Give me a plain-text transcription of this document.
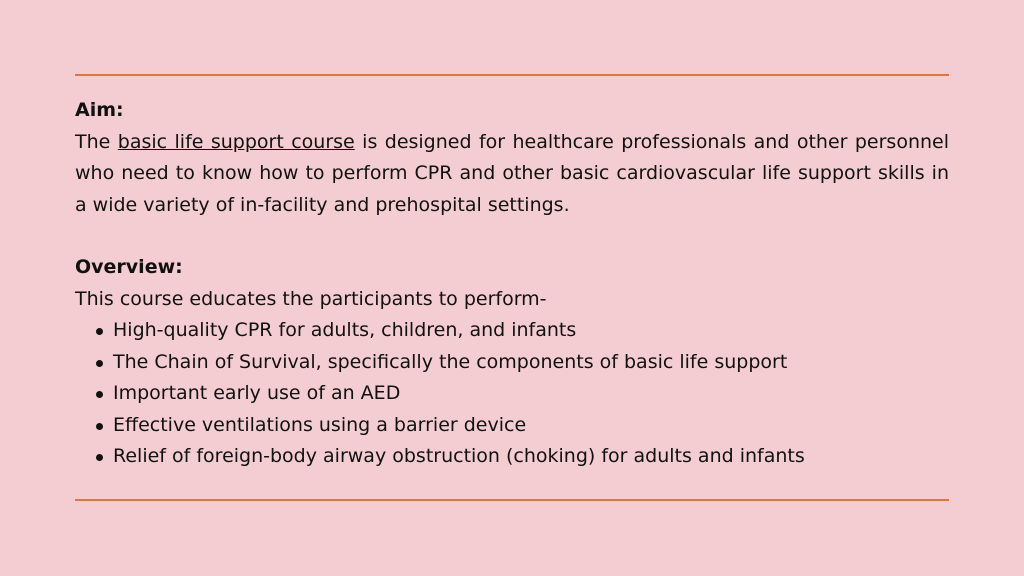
Aim:
The basic life support course is designed for healthcare professionals and other personnel who need to know how to perform CPR and other basic cardiovascular life support skills in a wide variety of in-facility and prehospital settings.
Overview:
This course educates the participants to perform-
High-quality CPR for adults, children, and infants
The Chain of Survival, specifically the components of basic life support
Important early use of an AED
Effective ventilations using a barrier device
Relief of foreign-body airway obstruction (choking) for adults and infants
